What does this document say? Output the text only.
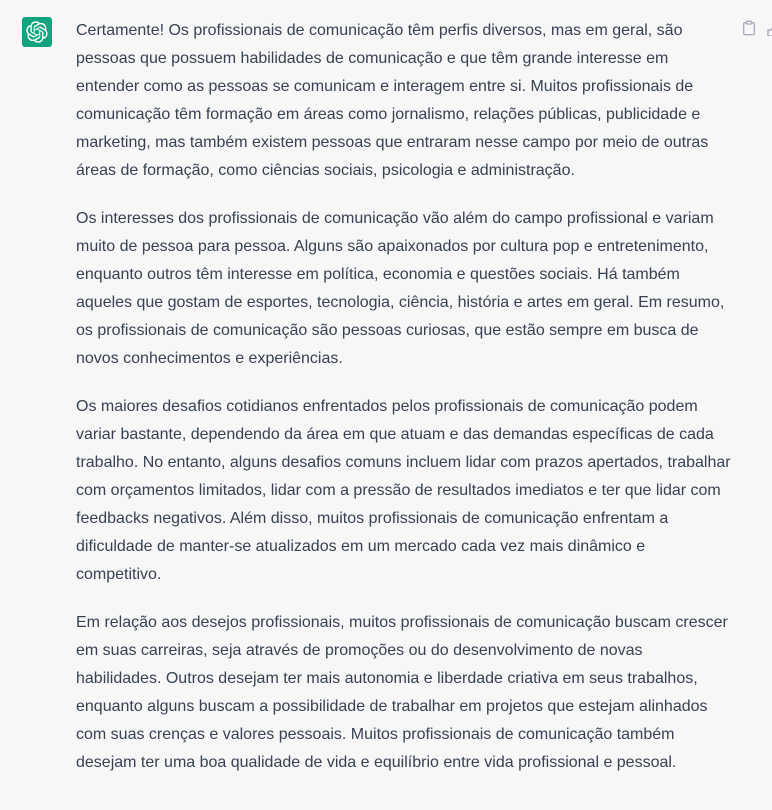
Certamente! Os profissionais de comunicação têm perfis diversos, mas em geral, são pessoas que possuem habilidades de comunicação e que têm grande interesse em entender como as pessoas se comunicam e interagem entre si. Muitos profissionais de comunicação têm formação em áreas como jornalismo, relações públicas, publicidade e marketing, mas também existem pessoas que entraram nesse campo por meio de outras áreas de formação, como ciências sociais, psicologia e administração.

Os interesses dos profissionais de comunicação vão além do campo profissional e variam muito de pessoa para pessoa. Alguns são apaixonados por cultura pop e entretenimento, enquanto outros têm interesse em política, economia e questões sociais. Há também aqueles que gostam de esportes, tecnologia, ciência, história e artes em geral. Em resumo, os profissionais de comunicação são pessoas curiosas, que estão sempre em busca de novos conhecimentos e experiências.

Os maiores desafios cotidianos enfrentados pelos profissionais de comunicação podem variar bastante, dependendo da área em que atuam e das demandas específicas de cada trabalho. No entanto, alguns desafios comuns incluem lidar com prazos apertados, trabalhar com orçamentos limitados, lidar com a pressão de resultados imediatos e ter que lidar com feedbacks negativos. Além disso, muitos profissionais de comunicação enfrentam a dificuldade de manter-se atualizados em um mercado cada vez mais dinâmico e competitivo.

Em relação aos desejos profissionais, muitos profissionais de comunicação buscam crescer em suas carreiras, seja através de promoções ou do desenvolvimento de novas habilidades. Outros desejam ter mais autonomia e liberdade criativa em seus trabalhos, enquanto alguns buscam a possibilidade de trabalhar em projetos que estejam alinhados com suas crenças e valores pessoais. Muitos profissionais de comunicação também desejam ter uma boa qualidade de vida e equilíbrio entre vida profissional e pessoal.
